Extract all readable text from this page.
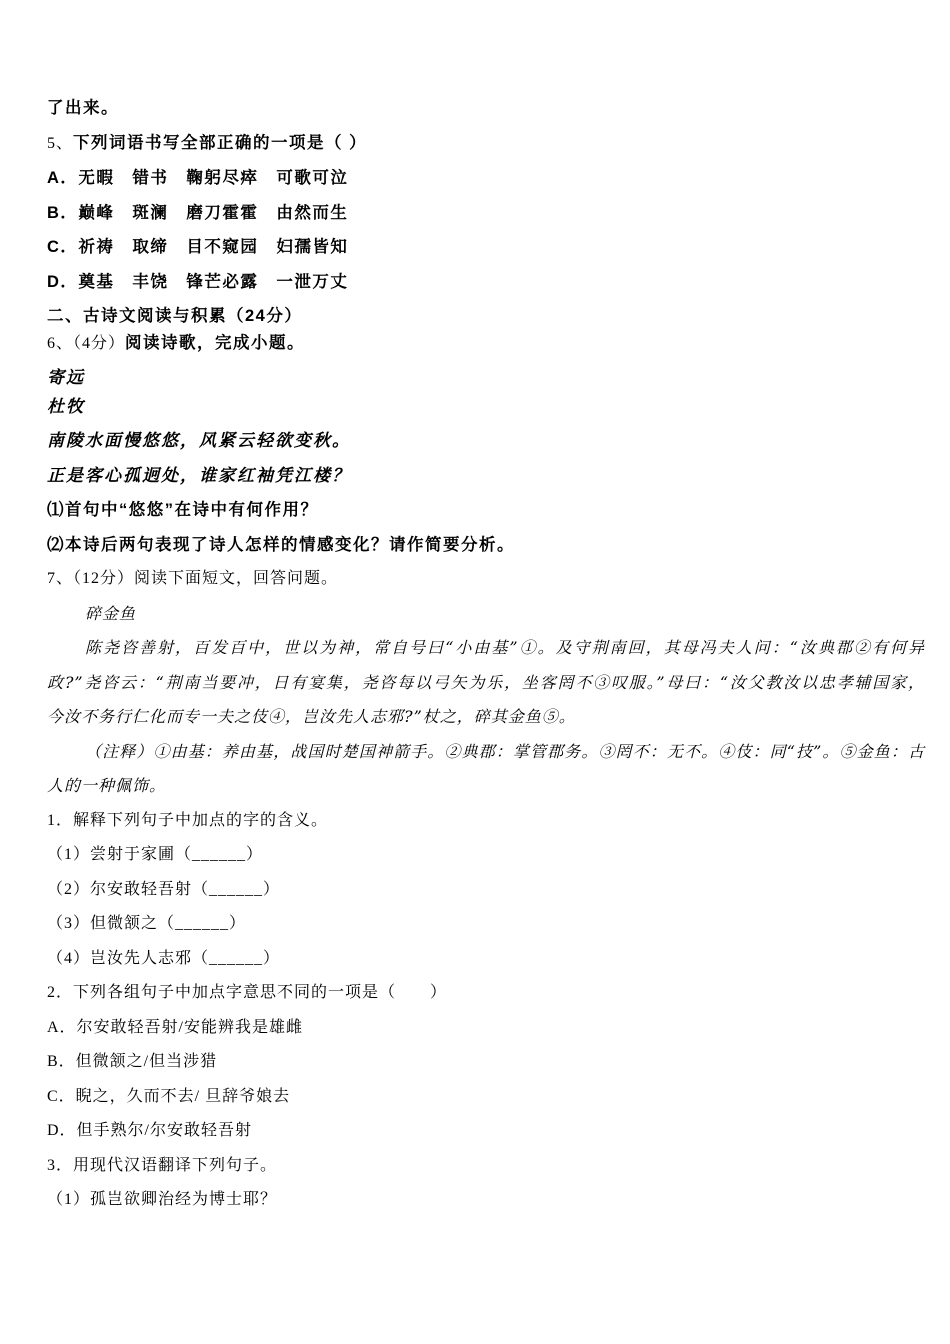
了出来。
5、下列词语书写全部正确的一项是（ ）
A．无暇　错书　鞠躬尽瘁　可歌可泣
B．巅峰　斑澜　磨刀霍霍　由然而生
C．祈祷　取缔　目不窥园　妇孺皆知
D．奠基　丰饶　锋芒必露　一泄万丈
二、古诗文阅读与积累（24分）
6、（4分）阅读诗歌，完成小题。
寄远
杜牧
南陵水面慢悠悠，风紧云轻欲变秋。
正是客心孤迥处，谁家红袖凭江楼？
⑴首句中“悠悠”在诗中有何作用？
⑵本诗后两句表现了诗人怎样的情感变化？请作简要分析。
7、（12分）阅读下面短文，回答问题。
碎金鱼
陈尧咨善射，百发百中，世以为神，常自号曰“小由基”①。及守荆南回，其母冯夫人问：“汝典郡②有何异
政?”尧咨云：“荆南当要冲，日有宴集，尧咨每以弓矢为乐，坐客罔不③叹服。”母曰：“汝父教汝以忠孝辅国家，
今汝不务行仁化而专一夫之伎④，岂汝先人志邪?”杖之，碎其金鱼⑤。
（注释）①由基：养由基，战国时楚国神箭手。②典郡：掌管郡务。③罔不：无不。④伎：同“技”。⑤金鱼：古
人的一种佩饰。
1．解释下列句子中加点的字的含义。
（1）尝射于家圃（______）
（2）尔安敢轻吾射（______）
（3）但微颔之（______）
（4）岂汝先人志邪（______）
2．下列各组句子中加点字意思不同的一项是（　　）
A．尔安敢轻吾射/安能辨我是雄雌
B．但微颔之/但当涉猎
C．睨之，久而不去/ 旦辞爷娘去
D．但手熟尔/尔安敢轻吾射
3．用现代汉语翻译下列句子。
（1）孤岂欲卿治经为博士耶？
